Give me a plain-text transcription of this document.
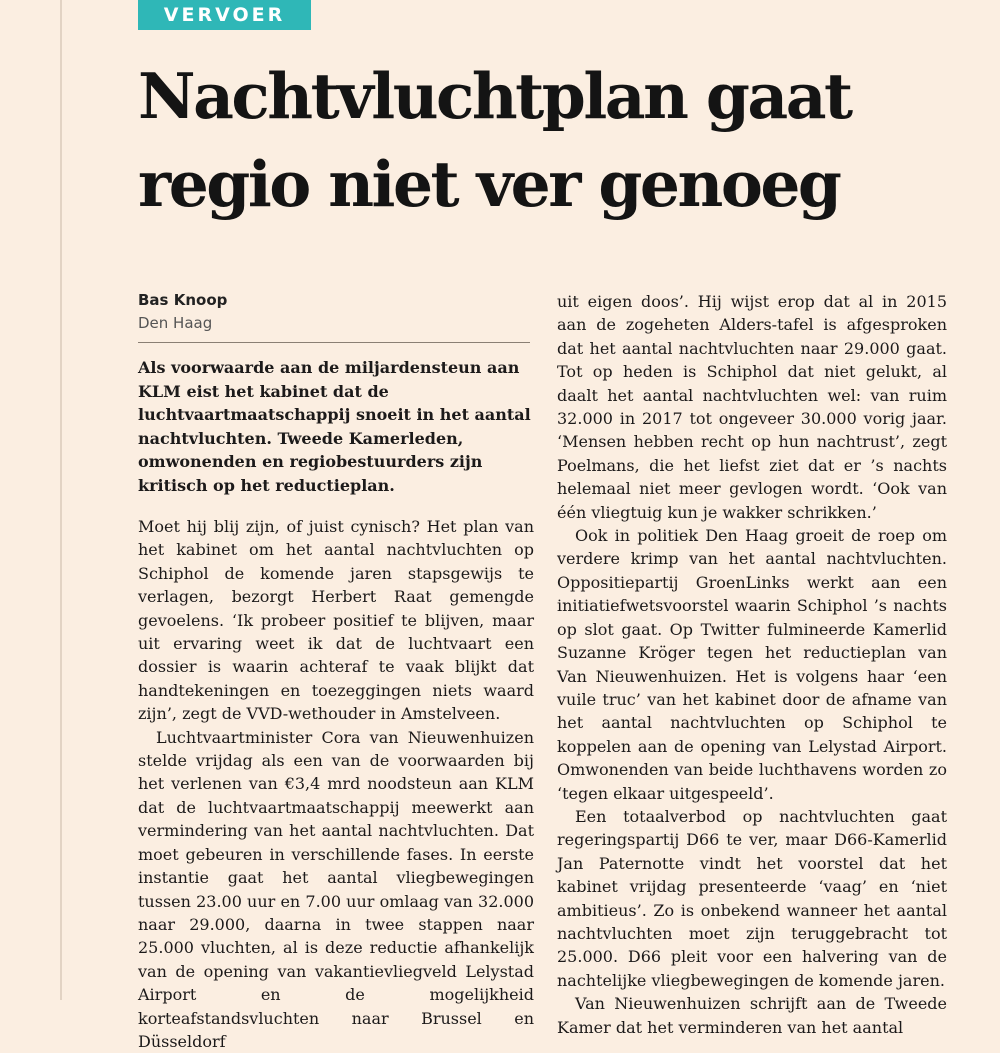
VERVOER
Nachtvluchtplan gaat regio niet ver genoeg
Bas Knoop
Den Haag

Als voorwaarde aan de miljardensteun aan KLM eist het kabinet dat de luchtvaartmaatschappij snoeit in het aantal nachtvluchten. Tweede Kamerleden, omwonenden en regiobestuurders zijn kritisch op het reductieplan.

Moet hij blij zijn, of juist cynisch? Het plan van het kabinet om het aantal nachtvluchten op Schiphol de komende jaren stapsgewijs te verlagen, bezorgt Herbert Raat gemengde gevoelens. ‘Ik probeer positief te blijven, maar uit ervaring weet ik dat de luchtvaart een dossier is waarin achteraf te vaak blijkt dat handtekeningen en toezeggingen niets waard zijn’, zegt de VVD-wethouder in Amstelveen.

Luchtvaartminister Cora van Nieuwenhuizen stelde vrijdag als een van de voorwaarden bij het verlenen van €3,4 mrd noodsteun aan KLM dat de luchtvaartmaatschappij meewerkt aan vermindering van het aantal nachtvluchten. Dat moet gebeuren in verschillende fases. In eerste instantie gaat het aantal vliegbewegingen tussen 23.00 uur en 7.00 uur omlaag van 32.000 naar 29.000, daarna in twee stappen naar 25.000 vluchten, al is deze reductie afhankelijk van de opening van vakantievliegveld Lelystad Airport en de mogelijkheid korteafstandsvluchten naar Brussel en Düsseldorf

uit eigen doos’. Hij wijst erop dat al in 2015 aan de zogeheten Alders-tafel is afgesproken dat het aantal nachtvluchten naar 29.000 gaat. Tot op heden is Schiphol dat niet gelukt, al daalt het aantal nachtvluchten wel: van ruim 32.000 in 2017 tot ongeveer 30.000 vorig jaar. ‘Mensen hebben recht op hun nachtrust’, zegt Poelmans, die het liefst ziet dat er ’s nachts helemaal niet meer gevlogen wordt. ‘Ook van één vliegtuig kun je wakker schrikken.’

Ook in politiek Den Haag groeit de roep om verdere krimp van het aantal nachtvluchten. Oppositiepartij GroenLinks werkt aan een initiatiefwetsvoorstel waarin Schiphol ’s nachts op slot gaat. Op Twitter fulmineerde Kamerlid Suzanne Kröger tegen het reductieplan van Van Nieuwenhuizen. Het is volgens haar ‘een vuile truc’ van het kabinet door de afname van het aantal nachtvluchten op Schiphol te koppelen aan de opening van Lelystad Airport. Omwonenden van beide luchthavens worden zo ‘tegen elkaar uitgespeeld’.

Een totaalverbod op nachtvluchten gaat regeringspartij D66 te ver, maar D66-Kamerlid Jan Paternotte vindt het voorstel dat het kabinet vrijdag presenteerde ‘vaag’ en ‘niet ambitieus’. Zo is onbekend wanneer het aantal nachtvluchten moet zijn teruggebracht tot 25.000. D66 pleit voor een halvering van de nachtelijke vliegbewegingen de komende jaren.

Van Nieuwenhuizen schrijft aan de Tweede Kamer dat het verminderen van het aantal
